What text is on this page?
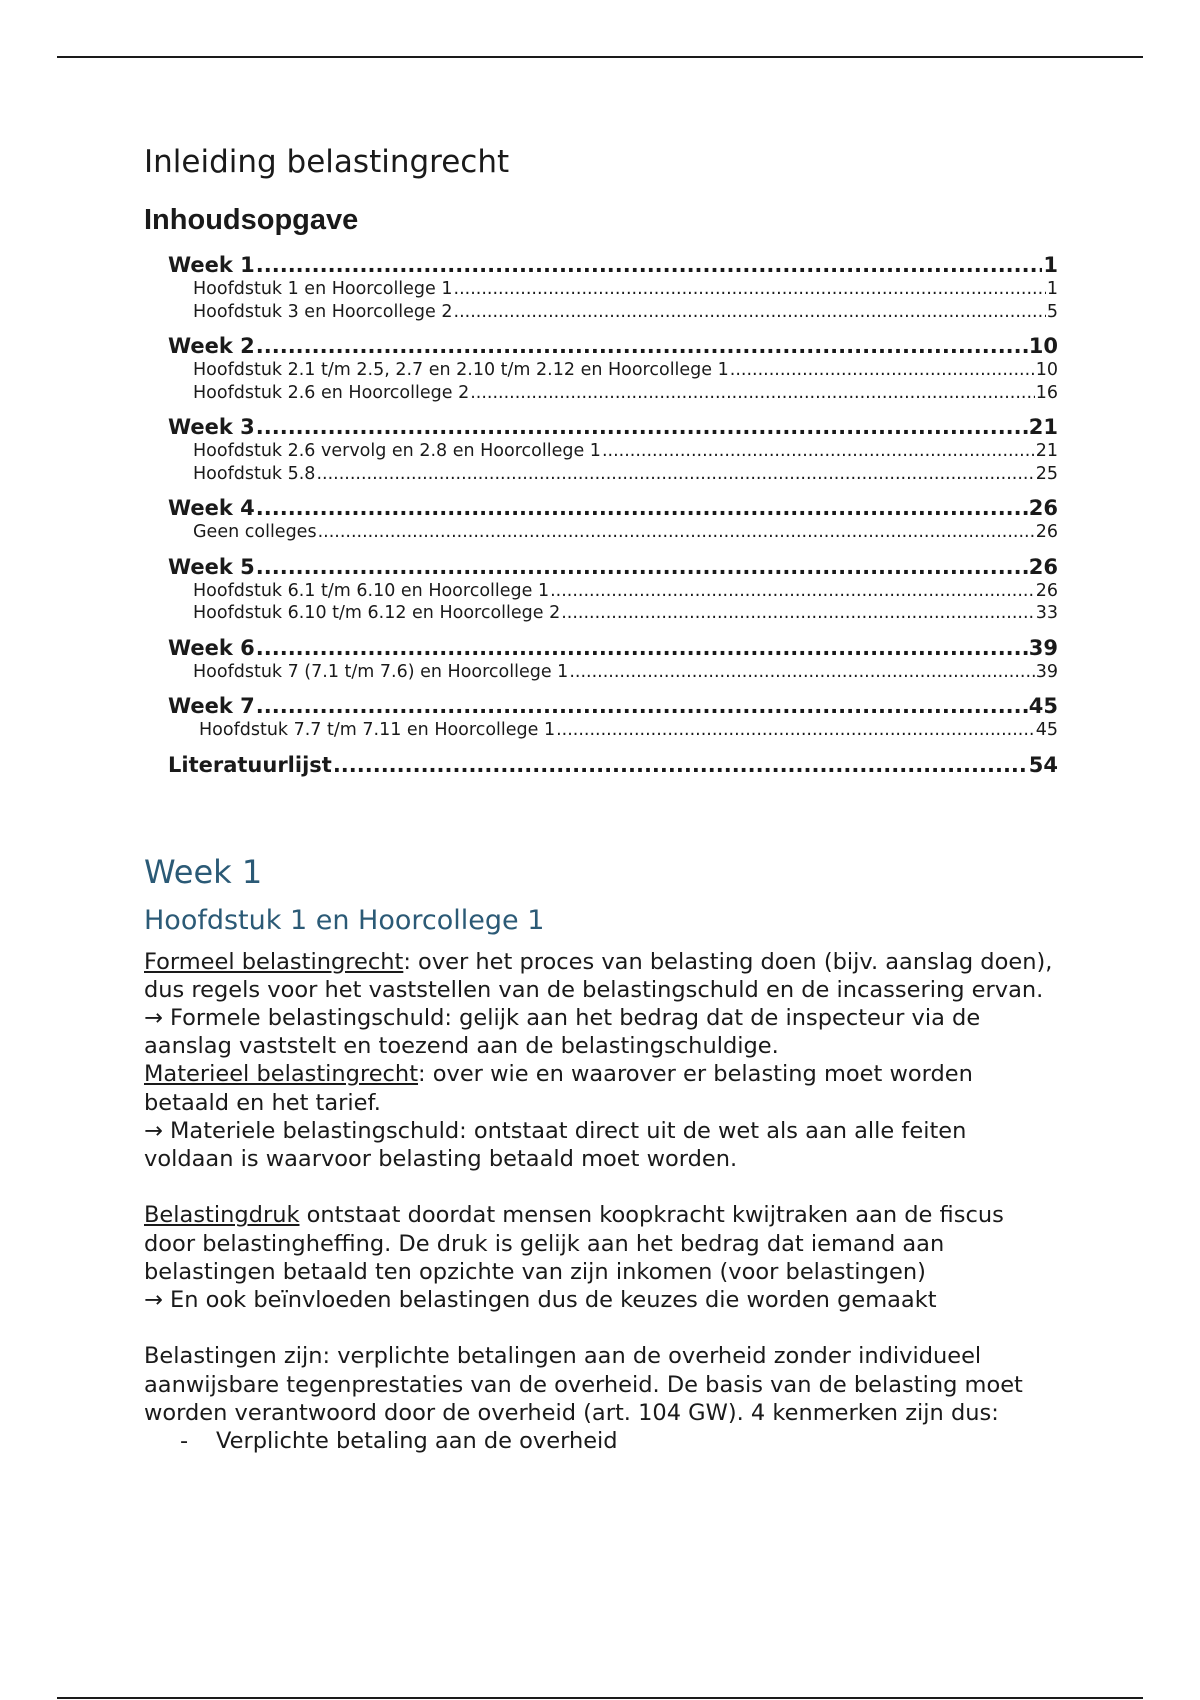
Inleiding belastingrecht
Inhoudsopgave
Week 1 .....	1
Hoofdstuk 1 en Hoorcollege 1 .....	1
Hoofdstuk 3 en Hoorcollege 2 .....	5
Week 2 .....	10
Hoofdstuk 2.1 t/m 2.5, 2.7 en 2.10 t/m 2.12 en Hoorcollege 1 .....	10
Hoofdstuk 2.6 en Hoorcollege 2 .....	16
Week 3 .....	21
Hoofdstuk 2.6 vervolg en 2.8 en Hoorcollege 1 .....	21
Hoofdstuk 5.8 .....	25
Week 4 .....	26
Geen colleges .....	26
Week 5 .....	26
Hoofdstuk 6.1 t/m 6.10 en Hoorcollege 1 .....	26
Hoofdstuk 6.10 t/m 6.12 en Hoorcollege 2 .....	33
Week 6 .....	39
Hoofdstuk 7 (7.1 t/m 7.6) en Hoorcollege 1 .....	39
Week 7 .....	45
Hoofdstuk 7.7 t/m 7.11 en Hoorcollege 1 .....	45
Literatuurlijst .....	54
Week 1
Hoofdstuk 1 en Hoorcollege 1

Formeel belastingrecht: over het proces van belasting doen (bijv. aanslag doen), dus regels voor het vaststellen van de belastingschuld en de incassering ervan.

→ Formele belastingschuld: gelijk aan het bedrag dat de inspecteur via de aanslag vaststelt en toezend aan de belastingschuldige.

Materieel belastingrecht: over wie en waarover er belasting moet worden betaald en het tarief.

→ Materiele belastingschuld: ontstaat direct uit de wet als aan alle feiten voldaan is waarvoor belasting betaald moet worden.

Belastingdruk ontstaat doordat mensen koopkracht kwijtraken aan de fiscus door belastingheffing. De druk is gelijk aan het bedrag dat iemand aan belastingen betaald ten opzichte van zijn inkomen (voor belastingen)

→ En ook beïnvloeden belastingen dus de keuzes die worden gemaakt

Belastingen zijn: verplichte betalingen aan de overheid zonder individueel aanwijsbare tegenprestaties van de overheid. De basis van de belasting moet worden verantwoord door de overheid (art. 104 GW). 4 kenmerken zijn dus:

-	Verplichte betaling aan de overheid
